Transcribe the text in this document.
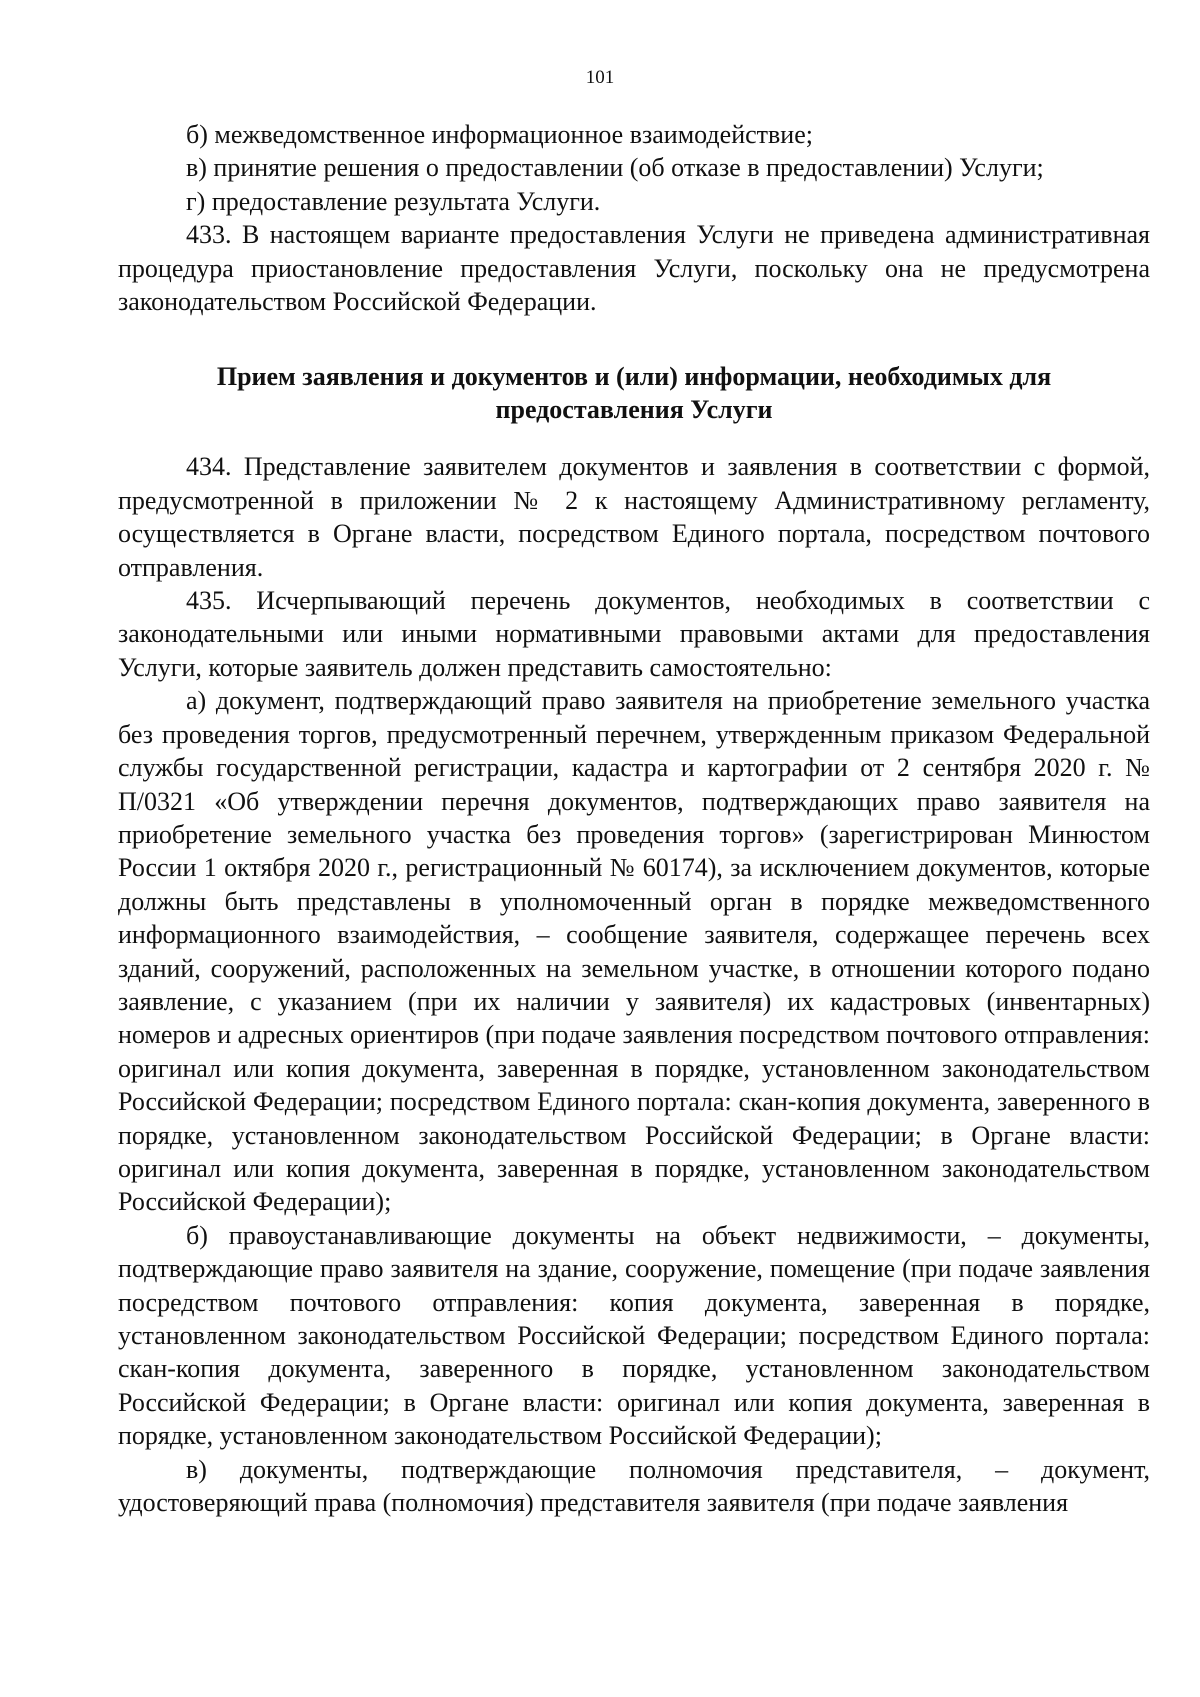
101

б) межведомственное информационное взаимодействие;

в) принятие решения о предоставлении (об отказе в предоставлении) Услуги;

г) предоставление результата Услуги.

433. В настоящем варианте предоставления Услуги не приведена административная процедура приостановление предоставления Услуги, поскольку она не предусмотрена законодательством Российской Федерации.

Прием заявления и документов и (или) информации, необходимых для предоставления Услуги

434. Представление заявителем документов и заявления в соответствии с формой, предусмотренной в приложении № 2 к настоящему Административному регламенту, осуществляется в Органе власти, посредством Единого портала, посредством почтового отправления.

435. Исчерпывающий перечень документов, необходимых в соответствии с законодательными или иными нормативными правовыми актами для предоставления Услуги, которые заявитель должен представить самостоятельно:

а) документ, подтверждающий право заявителя на приобретение земельного участка без проведения торгов, предусмотренный перечнем, утвержденным приказом Федеральной службы государственной регистрации, кадастра и картографии от 2 сентября 2020 г. № П/0321 «Об утверждении перечня документов, подтверждающих право заявителя на приобретение земельного участка без проведения торгов» (зарегистрирован Минюстом России 1 октября 2020 г., регистрационный № 60174), за исключением документов, которые должны быть представлены в уполномоченный орган в порядке межведомственного информационного взаимодействия, – сообщение заявителя, содержащее перечень всех зданий, сооружений, расположенных на земельном участке, в отношении которого подано заявление, с указанием (при их наличии у заявителя) их кадастровых (инвентарных) номеров и адресных ориентиров (при подаче заявления посредством почтового отправления: оригинал или копия документа, заверенная в порядке, установленном законодательством Российской Федерации; посредством Единого портала: скан-копия документа, заверенного в порядке, установленном законодательством Российской Федерации; в Органе власти: оригинал или копия документа, заверенная в порядке, установленном законодательством Российской Федерации);

б) правоустанавливающие документы на объект недвижимости, – документы, подтверждающие право заявителя на здание, сооружение, помещение (при подаче заявления посредством почтового отправления: копия документа, заверенная в порядке, установленном законодательством Российской Федерации; посредством Единого портала: скан-копия документа, заверенного в порядке, установленном законодательством Российской Федерации; в Органе власти: оригинал или копия документа, заверенная в порядке, установленном законодательством Российской Федерации);

в) документы, подтверждающие полномочия представителя, – документ, удостоверяющий права (полномочия) представителя заявителя (при подаче заявления
